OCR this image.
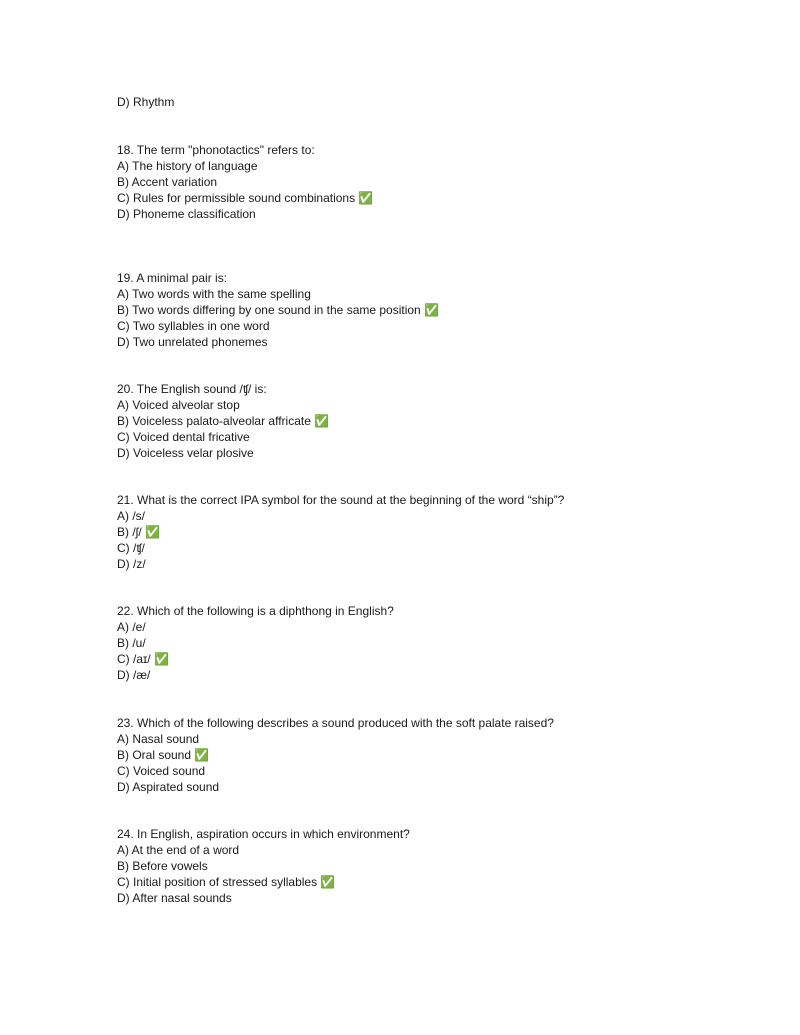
D) Rhythm
18. The term "phonotactics" refers to:
A) The history of language
B) Accent variation
C) Rules for permissible sound combinations ✅
D) Phoneme classification
19. A minimal pair is:
A) Two words with the same spelling
B) Two words differing by one sound in the same position ✅
C) Two syllables in one word
D) Two unrelated phonemes
20. The English sound /ʧ/ is:
A) Voiced alveolar stop
B) Voiceless palato-alveolar affricate ✅
C) Voiced dental fricative
D) Voiceless velar plosive
21. What is the correct IPA symbol for the sound at the beginning of the word “ship”?
A) /s/
B) /ʃ/ ✅
C) /ʧ/
D) /z/
22. Which of the following is a diphthong in English?
A) /e/
B) /u/
C) /aɪ/ ✅
D) /æ/
23. Which of the following describes a sound produced with the soft palate raised?
A) Nasal sound
B) Oral sound ✅
C) Voiced sound
D) Aspirated sound
24. In English, aspiration occurs in which environment?
A) At the end of a word
B) Before vowels
C) Initial position of stressed syllables ✅
D) After nasal sounds
